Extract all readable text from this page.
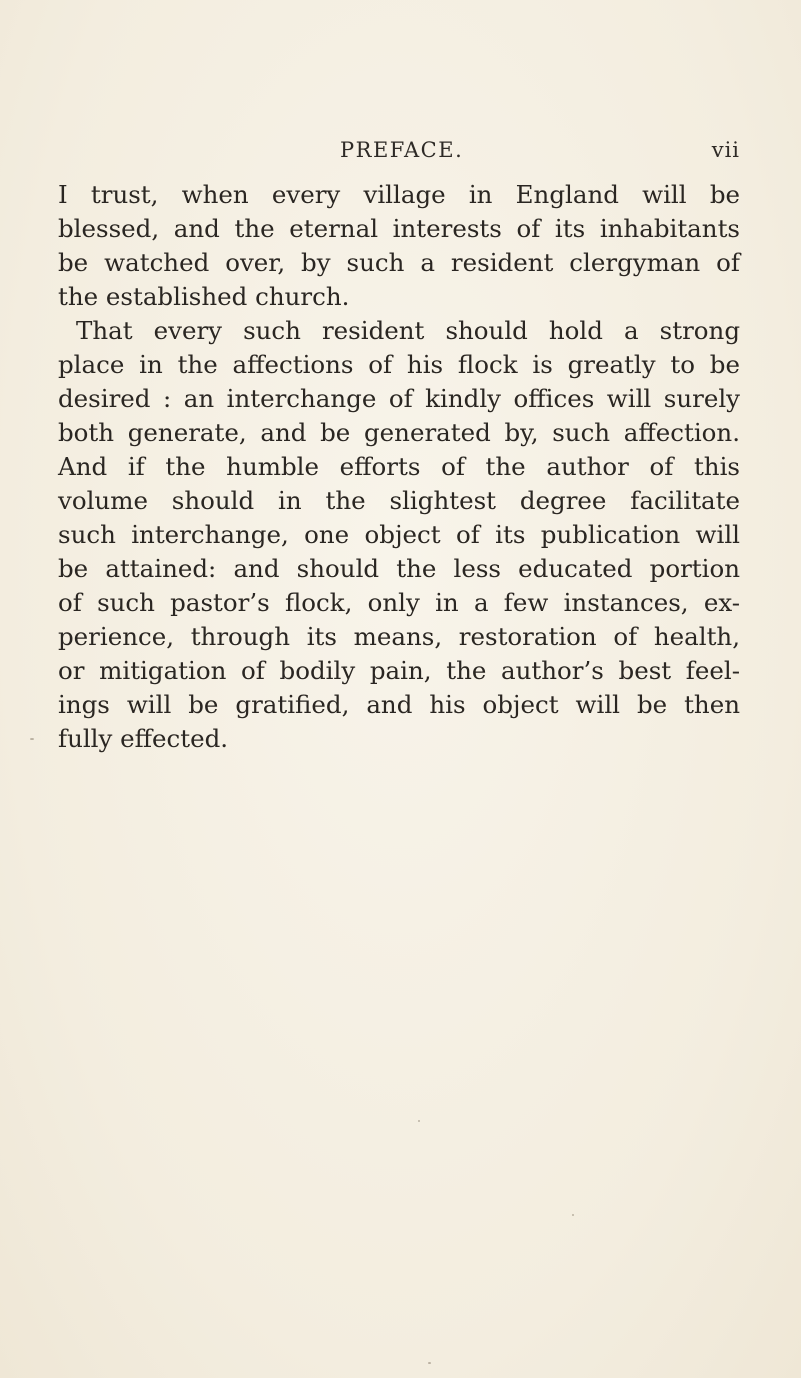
PREFACE.	vii
I trust, when every village in England will be
blessed, and the eternal interests of its inhabitants
be watched over, by such a resident clergyman of
the established church.
That every such resident should hold a strong
place in the affections of his flock is greatly to be
desired : an interchange of kindly offices will surely
both generate, and be generated by, such affection.
And if the humble efforts of the author of this
volume should in the slightest degree facilitate
such interchange, one object of its publication will
be attained: and should the less educated portion
of such pastor’s flock, only in a few instances, ex-
perience, through its means, restoration of health,
or mitigation of bodily pain, the author’s best feel-
ings will be gratified, and his object will be then
fully effected.
